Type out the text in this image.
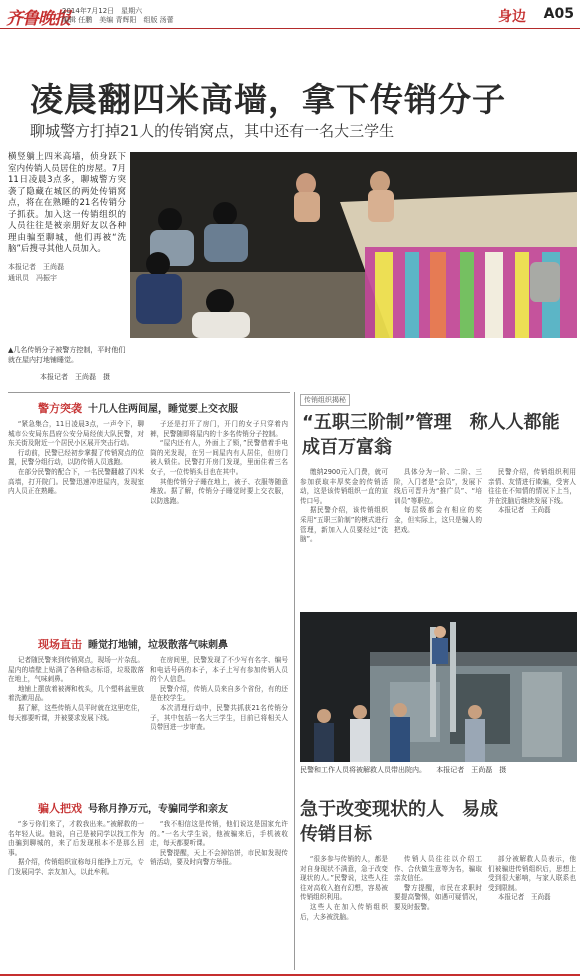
齐鲁晚报
2014年7月12日　星期六
编辑 任鹏　美编 青辉阳　组版 汤蕾	身边 A05
凌晨翻四米高墙，拿下传销分子
聊城警方打掉21人的传销窝点，其中还有一名大三学生

横竖躺上四米高墙，侦身跃下室内传销人员居住的房屋。7月11日凌晨3点多，聊城警方突袭了隐藏在城区的两处传销窝点，将在在熟睡的21名传销分子抓获。加入这一传销组织的人员往往是被亲朋好友以各种理由骗至聊城，他们再被“洗脑”后搜寻其他人员加入。

本报记者　王尚磊
通讯员　冯振宇
▲几名传销分子被警方控制，平时他们就在屋内打地铺睡觉。
本报记者　王尚磊　摄
警方突袭 十几人住两间屋，睡觉要上交衣服

“紧急集合，11日凌晨3点，一声令下，聊城市公安局东昌府公安分局经侦大队民警，对东关街及附近一个居民小区展开突击行动。

行动前，民警已经初步掌握了传销窝点的位置，民警分组行动，以防传销人员逃跑。

在部分民警的配合下，一名民警翻越了四米高墙，打开院门。民警迅速冲进屋内，发现室内人员正在熟睡。

子还是打开了房门，开门的女子只穿着内裤，民警随即将屋内的十多名传销分子控制。

“屋内还有人，外面上了锁，”民警借着手电筒的光发现，在另一间屋内有人居住，但房门被人锁住。民警打开房门发现，里面住着三名女子，一位传销头目也在其中。

其他传销分子睡在地上，被子、衣服等随意堆放。据了解，传销分子睡觉时要上交衣服，以防逃跑。

现场直击 睡觉打地铺，垃圾散落气味刺鼻

记者随民警来到传销窝点，现场一片杂乱。屋内的墙壁上贴满了各种励志标语，垃圾散落在地上，气味刺鼻。

地铺上摆放着被褥和枕头，几个塑料盆里放着洗漱用品。

据了解，这些传销人员平时就在这里吃住，每天都要听课，并被要求发展下线。

在房间里，民警发现了不少写有名字、编号和电话号码的本子，本子上写有参加传销人员的个人信息。

民警介绍，传销人员来自多个省份，有的还是在校学生。

本次清理行动中，民警共抓获21名传销分子，其中包括一名大三学生，目前已将相关人员带回进一步审查。

骗人把戏 号称月挣万元，专骗同学和亲友

“多亏你们来了，才救我出来。”被解救的一名年轻人说。他说，自己是被同学以找工作为由骗到聊城的，来了后发现根本不是那么回事。

据介绍，传销组织宣称每月能挣上万元，专门发展同学、亲友加入，以此牟利。

“我不相信这是传销，他们说这是国家允许的。”一名大学生说，他被骗来后，手机被收走，每天都要听课。

民警提醒，天上不会掉馅饼，市民如发现传销活动，要及时向警方举报。

传销组织揭秘
“五职三阶制”管理　称人人都能成百万富翁

缴纳2900元入门费，就可参加获取丰厚奖金的传销活动，这是该传销组织一直的宣传口号。

据民警介绍，该传销组织采用“五职三阶制”的模式进行管理，新加入人员要经过“洗脑”。

具体分为一阶、二阶、三阶，入门者是“会员”，发展下线后可晋升为“推广员”、“培训员”等职位。

每层级都会有相应的奖金，但实际上，这只是骗人的把戏。

民警介绍，传销组织利用亲情、友情进行欺骗，受害人往往在不知情的情况下上当，并在洗脑后继续发展下线。

本报记者　王尚磊

民警和工作人员将被解救人员带出院内。 本报记者　王尚磊　摄
急于改变现状的人　易成传销目标

“很多参与传销的人，都是对自身现状不满意，急于改变现状的人。”民警说，这些人往往对高收入抱有幻想，容易被传销组织利用。

这些人在加入传销组织后，大多被洗脑。

传销人员往往以介绍工作、合伙做生意等为名，骗取亲友信任。

警方提醒，市民在求职时要提高警惕，如遇可疑情况，要及时报警。

部分被解救人员表示，他们被骗进传销组织后，思想上受到很大影响，与家人联系也受到限制。

本报记者　王尚磊
